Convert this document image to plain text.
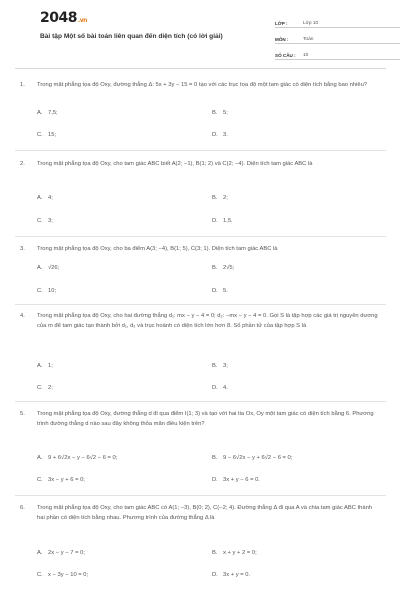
2048.vn
Bài tập Một số bài toán liên quan đến diện tích (có lời giải)
LỚP :	Lớp 10
MÔN :	Toán
SỐ CÂU :	10
1.	Trong mặt phẳng tọa độ Oxy, đường thẳng Δ: 5x + 3y − 15 = 0 tạo với các trục tọa độ một tam giác có diện tích bằng bao nhiêu?
A. 7,5;	B. 5;
C. 15;	D. 3.
2.	Trong mặt phẳng tọa độ Oxy, cho tam giác ABC biết A(2; −1), B(1; 2) và C(2; −4). Diện tích tam giác ABC là
A. 4;	B. 2;
C. 3;	D. 1,5.
3.	Trong mặt phẳng tọa độ Oxy, cho ba điểm A(3; −4), B(1; 5), C(3; 1). Diện tích tam giác ABC là
A. √26;	B. 2√5;
C. 10;	D. 5.
4.	Trong mặt phẳng tọa độ Oxy, cho hai đường thẳng d₁: mx − y − 4 = 0; d₂: −mx − y − 4 = 0. Gọi S là tập hợp các giá trị nguyên dương của m để tam giác tạo thành bởi d₁, d₂ và trục hoành có diện tích lớn hơn 8. Số phần tử của tập hợp S là
A. 1;	B. 3;
C. 2;	D. 4.
5.	Trong mặt phẳng tọa độ Oxy, đường thẳng d đi qua điểm I(1; 3) và tạo với hai tia Ox, Oy một tam giác có diện tích bằng 6. Phương trình đường thẳng d nào sau đây không thỏa mãn điều kiện trên?
A. 9 + 6√2x − y − 6√2 − 6 = 0;	B. 9 − 6√2x − y + 6√2 − 6 = 0;
C. 3x − y + 6 = 0;	D. 3x + y − 6 = 0.
6.	Trong mặt phẳng tọa độ Oxy, cho tam giác ABC có A(1; −3), B(0; 2), C(−2; 4). Đường thẳng Δ đi qua A và chia tam giác ABC thành hai phần có diện tích bằng nhau. Phương trình của đường thẳng Δ là
A. 2x − y − 7 = 0;	B. x + y + 2 = 0;
C. x − 3y − 10 = 0;	D. 3x + y = 0.
